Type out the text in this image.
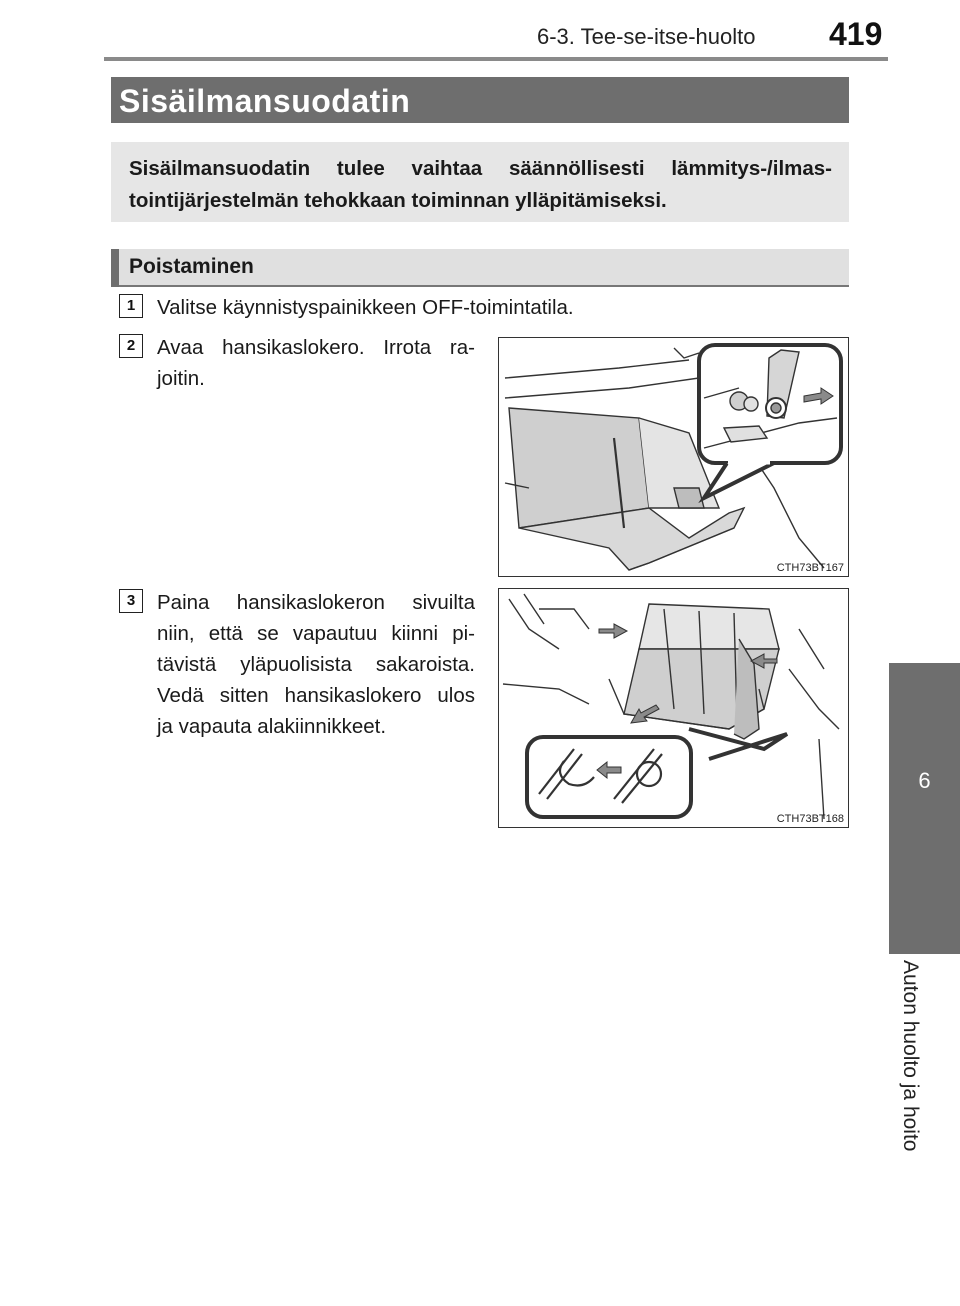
6-3. Tee-se-itse-huolto 419
6
Auton huolto ja hoito
Sisäilmansuodatin
Sisäilmansuodatin tulee vaihtaa säännöllisesti lämmitys-/ilmas-
tointijärjestelmän tehokkaan toiminnan ylläpitämiseksi.
Poistaminen
1	Valitse käynnistyspainikkeen OFF-toimintatila.
2	Avaa hansikaslokero. Irrota ra-
joitin.
3	Paina hansikaslokeron sivuilta
niin, että se vapautuu kiinni pi-
tävistä yläpuolisista sakaroista.
Vedä sitten hansikaslokero ulos
ja vapauta alakiinnikkeet.
CTH73BT167
CTH73BT168
